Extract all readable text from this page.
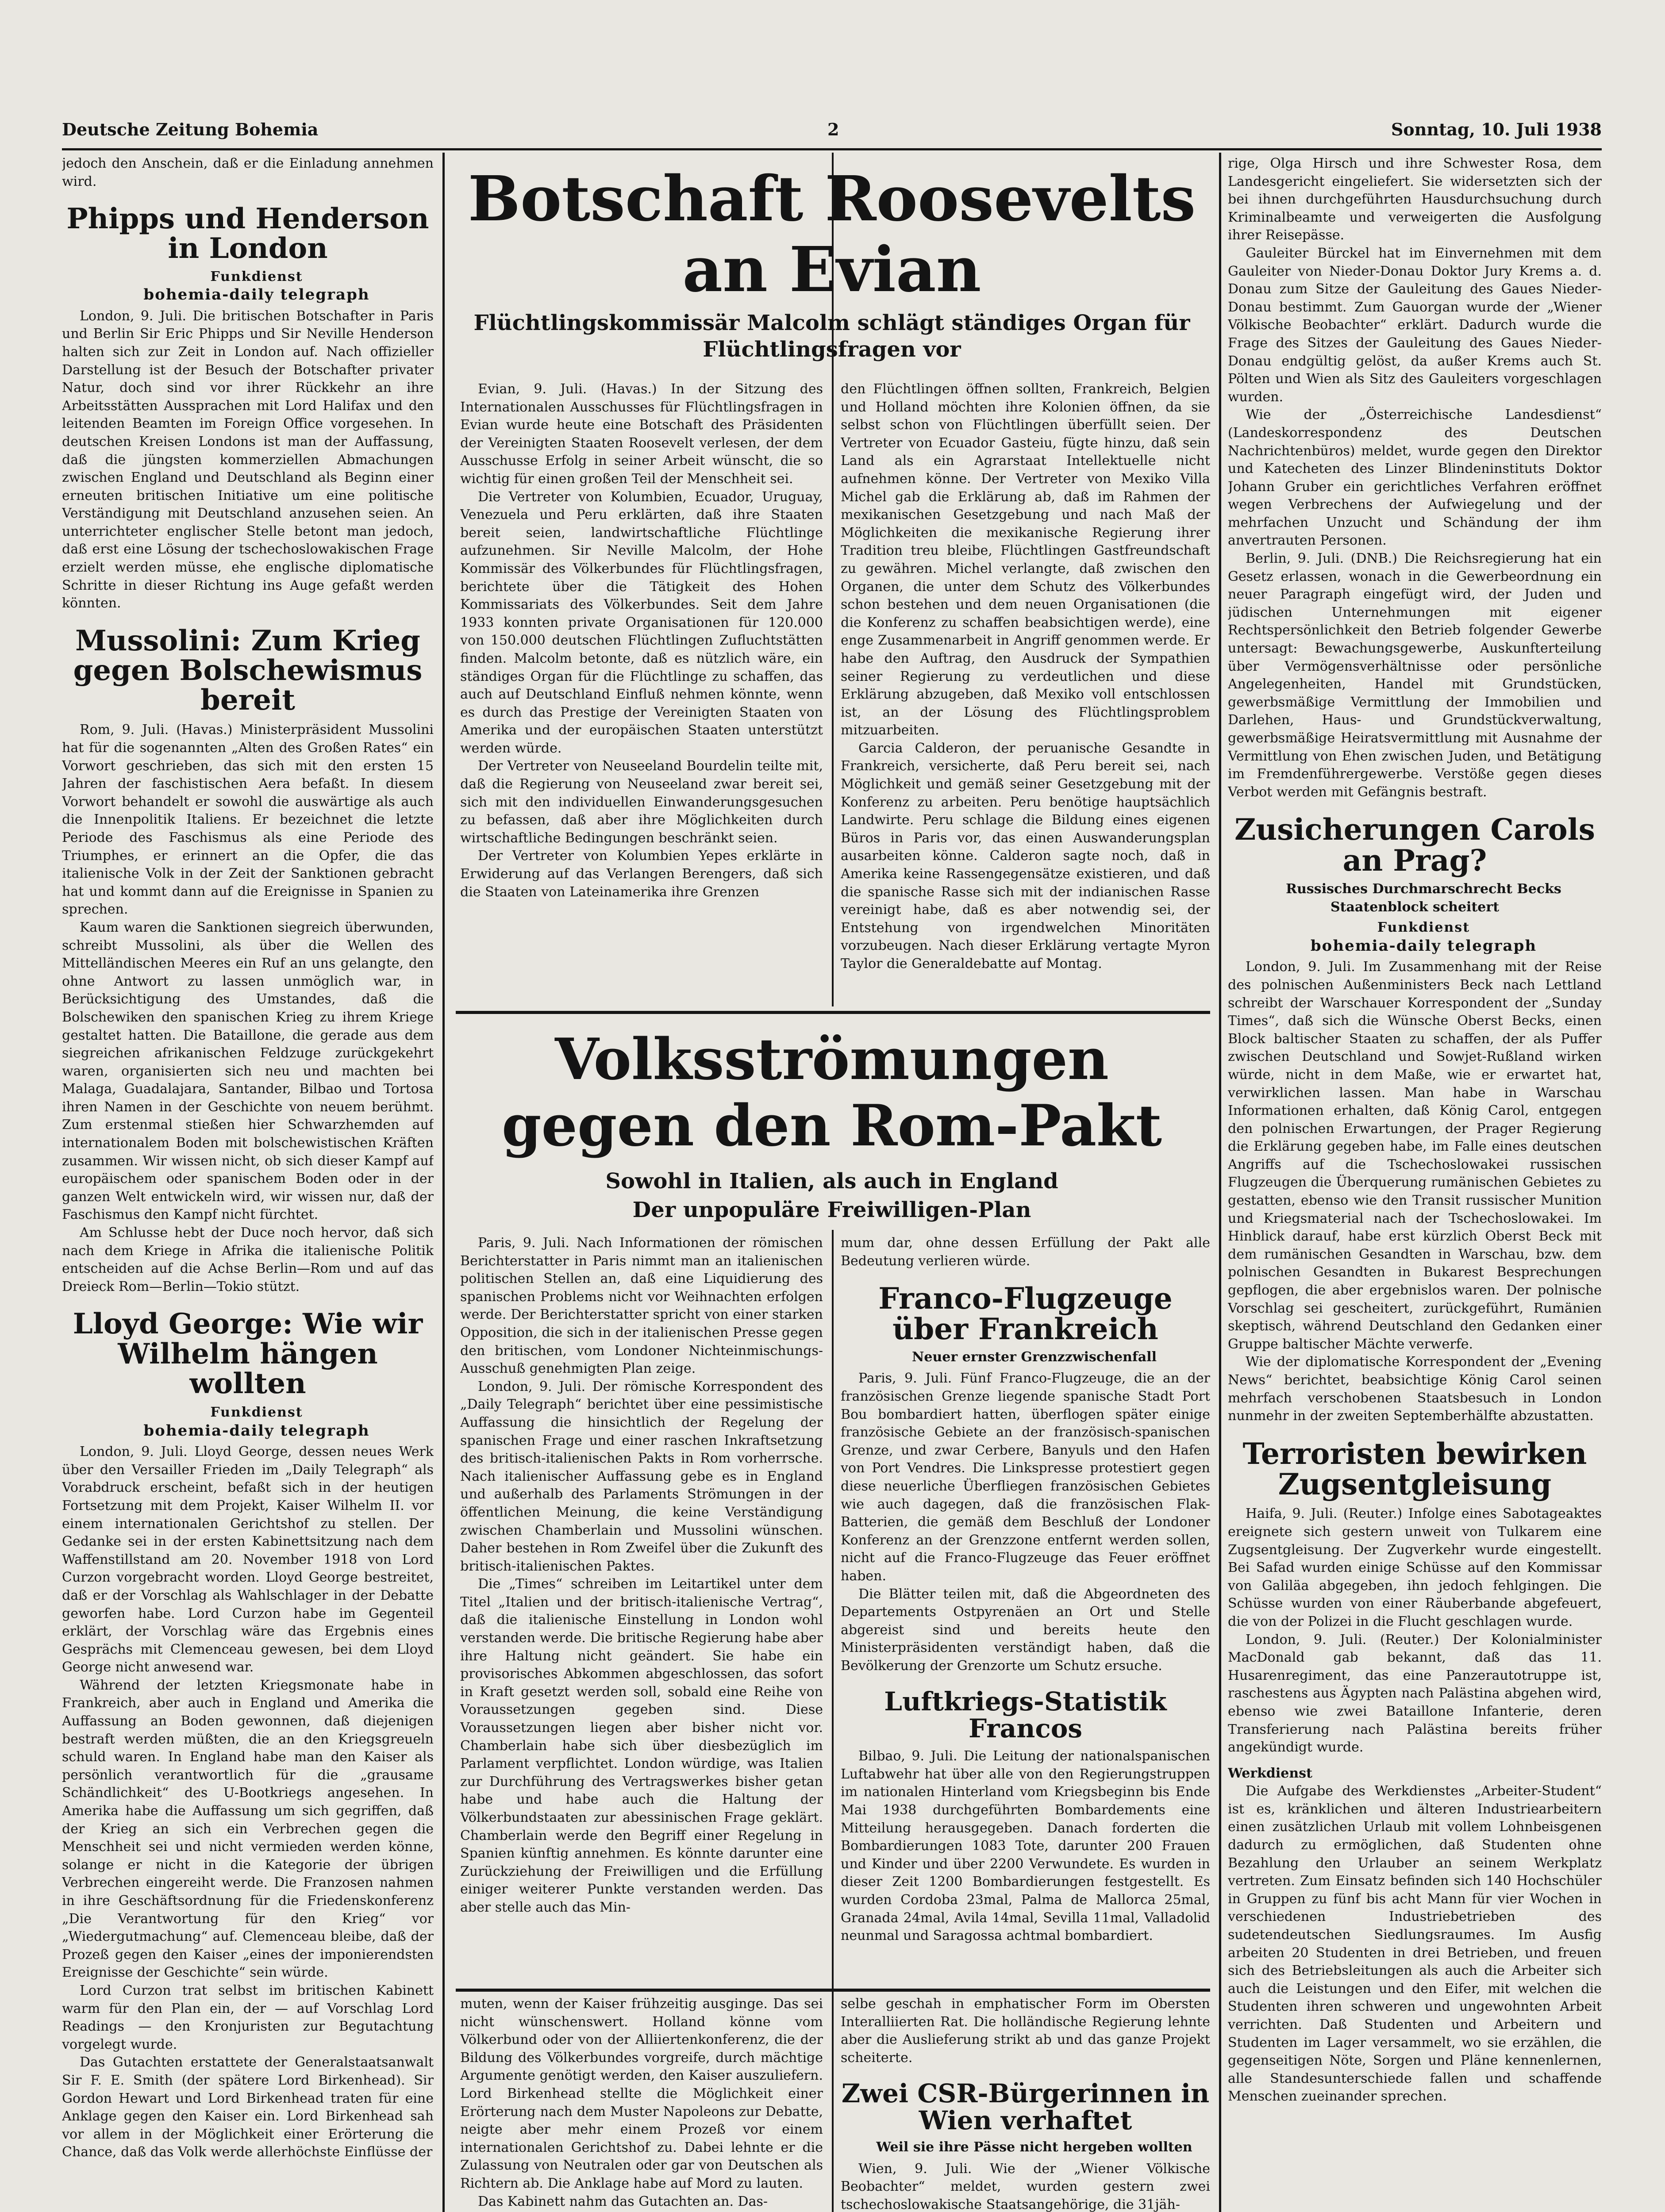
Deutsche Zeitung Bohemia	2	Sonntag, 10. Juli 1938

jedoch den Anschein, daß er die Einladung annehmen wird.

Phipps und Henderson in London

Funkdienst

bohemia-daily telegraph

London, 9. Juli. Die britischen Botschafter in Paris und Berlin Sir Eric Phipps und Sir Neville Henderson halten sich zur Zeit in London auf. Nach offizieller Darstellung ist der Besuch der Botschafter privater Natur, doch sind vor ihrer Rückkehr an ihre Arbeitsstätten Aussprachen mit Lord Halifax und den leitenden Beamten im Foreign Office vorgesehen. In deutschen Kreisen Londons ist man der Auffassung, daß die jüngsten kommerziellen Abmachungen zwischen England und Deutschland als Beginn einer erneuten britischen Initiative um eine politische Verständigung mit Deutschland anzusehen seien. An unterrichteter englischer Stelle betont man jedoch, daß erst eine Lösung der tschechoslowakischen Frage erzielt werden müsse, ehe englische diplomatische Schritte in dieser Richtung ins Auge gefaßt werden könnten.

Mussolini: Zum Krieg gegen Bolschewismus bereit

Rom, 9. Juli. (Havas.) Ministerpräsident Mussolini hat für die sogenannten „Alten des Großen Rates“ ein Vorwort geschrieben, das sich mit den ersten 15 Jahren der faschistischen Aera befaßt. In diesem Vorwort behandelt er sowohl die auswärtige als auch die Innenpolitik Italiens. Er bezeichnet die letzte Periode des Faschismus als eine Periode des Triumphes, er erinnert an die Opfer, die das italienische Volk in der Zeit der Sanktionen gebracht hat und kommt dann auf die Ereignisse in Spanien zu sprechen.

Kaum waren die Sanktionen siegreich überwunden, schreibt Mussolini, als über die Wellen des Mittelländischen Meeres ein Ruf an uns gelangte, den ohne Antwort zu lassen unmöglich war, in Berücksichtigung des Umstandes, daß die Bolschewiken den spanischen Krieg zu ihrem Kriege gestaltet hatten. Die Bataillone, die gerade aus dem siegreichen afrikanischen Feldzuge zurückgekehrt waren, organisierten sich neu und machten bei Malaga, Guadalajara, Santander, Bilbao und Tortosa ihren Namen in der Geschichte von neuem berühmt. Zum erstenmal stießen hier Schwarzhemden auf internationalem Boden mit bolschewistischen Kräften zusammen. Wir wissen nicht, ob sich dieser Kampf auf europäischem oder spanischem Boden oder in der ganzen Welt entwickeln wird, wir wissen nur, daß der Faschismus den Kampf nicht fürchtet.

Am Schlusse hebt der Duce noch hervor, daß sich nach dem Kriege in Afrika die italienische Politik entscheiden auf die Achse Berlin—Rom und auf das Dreieck Rom—Berlin—Tokio stützt.

Lloyd George: Wie wir Wilhelm hängen wollten

Funkdienst

bohemia-daily telegraph

London, 9. Juli. Lloyd George, dessen neues Werk über den Versailler Frieden im „Daily Telegraph“ als Vorabdruck erscheint, befaßt sich in der heutigen Fortsetzung mit dem Projekt, Kaiser Wilhelm II. vor einem internationalen Gerichtshof zu stellen. Der Gedanke sei in der ersten Kabinettsitzung nach dem Waffenstillstand am 20. November 1918 von Lord Curzon vorgebracht worden. Lloyd George bestreitet, daß er der Vorschlag als Wahlschlager in der Debatte geworfen habe. Lord Curzon habe im Gegenteil erklärt, der Vorschlag wäre das Ergebnis eines Gesprächs mit Clemenceau gewesen, bei dem Lloyd George nicht anwesend war.

Während der letzten Kriegsmonate habe in Frankreich, aber auch in England und Amerika die Auffassung an Boden gewonnen, daß diejenigen bestraft werden müßten, die an den Kriegsgreueln schuld waren. In England habe man den Kaiser als persönlich verantwortlich für die „grausame Schändlichkeit“ des U-Bootkriegs angesehen. In Amerika habe die Auffassung um sich gegriffen, daß der Krieg an sich ein Verbrechen gegen die Menschheit sei und nicht vermieden werden könne, solange er nicht in die Kategorie der übrigen Verbrechen eingereiht werde. Die Franzosen nahmen in ihre Geschäftsordnung für die Friedenskonferenz „Die Verantwortung für den Krieg“ vor „Wiedergutmachung“ auf. Clemenceau bleibe, daß der Prozeß gegen den Kaiser „eines der imponierendsten Ereignisse der Geschichte“ sein würde.

Lord Curzon trat selbst im britischen Kabinett warm für den Plan ein, der — auf Vorschlag Lord Readings — den Kronjuristen zur Begutachtung vorgelegt wurde.

Das Gutachten erstattete der Generalstaatsanwalt Sir F. E. Smith (der spätere Lord Birkenhead). Sir Gordon Hewart und Lord Birkenhead traten für eine Anklage gegen den Kaiser ein. Lord Birkenhead sah vor allem in der Möglichkeit einer Erörterung die Chance, daß das Volk werde allerhöchste Einflüsse der

Botschaft Roosevelts an Evian
Flüchtlingskommissär Malcolm schlägt ständiges Organ für Flüchtlingsfragen vor

Evian, 9. Juli. (Havas.) In der Sitzung des Internationalen Ausschusses für Flüchtlingsfragen in Evian wurde heute eine Botschaft des Präsidenten der Vereinigten Staaten Roosevelt verlesen, der dem Ausschusse Erfolg in seiner Arbeit wünscht, die so wichtig für einen großen Teil der Menschheit sei.

Die Vertreter von Kolumbien, Ecuador, Uruguay, Venezuela und Peru erklärten, daß ihre Staaten bereit seien, landwirtschaftliche Flüchtlinge aufzunehmen. Sir Neville Malcolm, der Hohe Kommissär des Völkerbundes für Flüchtlingsfragen, berichtete über die Tätigkeit des Hohen Kommissariats des Völkerbundes. Seit dem Jahre 1933 konnten private Organisationen für 120.000 von 150.000 deutschen Flüchtlingen Zufluchtstätten finden. Malcolm betonte, daß es nützlich wäre, ein ständiges Organ für die Flüchtlinge zu schaffen, das auch auf Deutschland Einfluß nehmen könnte, wenn es durch das Prestige der Vereinigten Staaten von Amerika und der europäischen Staaten unterstützt werden würde.

Der Vertreter von Neuseeland Bourdelin teilte mit, daß die Regierung von Neuseeland zwar bereit sei, sich mit den individuellen Einwanderungsgesuchen zu befassen, daß aber ihre Möglichkeiten durch wirtschaftliche Bedingungen beschränkt seien.

Der Vertreter von Kolumbien Yepes erklärte in Erwiderung auf das Verlangen Berengers, daß sich die Staaten von Lateinamerika ihre Grenzen

den Flüchtlingen öffnen sollten, Frankreich, Belgien und Holland möchten ihre Kolonien öffnen, da sie selbst schon von Flüchtlingen überfüllt seien. Der Vertreter von Ecuador Gasteiu, fügte hinzu, daß sein Land als ein Agrarstaat Intellektuelle nicht aufnehmen könne. Der Vertreter von Mexiko Villa Michel gab die Erklärung ab, daß im Rahmen der mexikanischen Gesetzgebung und nach Maß der Möglichkeiten die mexikanische Regierung ihrer Tradition treu bleibe, Flüchtlingen Gastfreundschaft zu gewähren. Michel verlangte, daß zwischen den Organen, die unter dem Schutz des Völkerbundes schon bestehen und dem neuen Organisationen (die die Konferenz zu schaffen beabsichtigen werde), eine enge Zusammenarbeit in Angriff genommen werde. Er habe den Auftrag, den Ausdruck der Sympathien seiner Regierung zu verdeutlichen und diese Erklärung abzugeben, daß Mexiko voll entschlossen ist, an der Lösung des Flüchtlingsproblem mitzuarbeiten.

Garcia Calderon, der peruanische Gesandte in Frankreich, versicherte, daß Peru bereit sei, nach Möglichkeit und gemäß seiner Gesetzgebung mit der Konferenz zu arbeiten. Peru benötige hauptsächlich Landwirte. Peru schlage die Bildung eines eigenen Büros in Paris vor, das einen Auswanderungsplan ausarbeiten könne. Calderon sagte noch, daß in Amerika keine Rassengegensätze existieren, und daß die spanische Rasse sich mit der indianischen Rasse vereinigt habe, daß es aber notwendig sei, der Entstehung von irgendwelchen Minoritäten vorzubeugen. Nach dieser Erklärung vertagte Myron Taylor die Generaldebatte auf Montag.

Volksströmungen gegen den Rom-Pakt
Sowohl in Italien, als auch in England
Der unpopuläre Freiwilligen-Plan

Paris, 9. Juli. Nach Informationen der römischen Berichterstatter in Paris nimmt man an italienischen politischen Stellen an, daß eine Liquidierung des spanischen Problems nicht vor Weihnachten erfolgen werde. Der Berichterstatter spricht von einer starken Opposition, die sich in der italienischen Presse gegen den britischen, vom Londoner Nichteinmischungs-Ausschuß genehmigten Plan zeige.

London, 9. Juli. Der römische Korrespondent des „Daily Telegraph“ berichtet über eine pessimistische Auffassung die hinsichtlich der Regelung der spanischen Frage und einer raschen Inkraftsetzung des britisch-italienischen Pakts in Rom vorherrsche. Nach italienischer Auffassung gebe es in England und außerhalb des Parlaments Strömungen in der öffentlichen Meinung, die keine Verständigung zwischen Chamberlain und Mussolini wünschen. Daher bestehen in Rom Zweifel über die Zukunft des britisch-italienischen Paktes.

Die „Times“ schreiben im Leitartikel unter dem Titel „Italien und der britisch-italienische Vertrag“, daß die italienische Einstellung in London wohl verstanden werde. Die britische Regierung habe aber ihre Haltung nicht geändert. Sie habe ein provisorisches Abkommen abgeschlossen, das sofort in Kraft gesetzt werden soll, sobald eine Reihe von Voraussetzungen gegeben sind. Diese Voraussetzungen liegen aber bisher nicht vor. Chamberlain habe sich über diesbezüglich im Parlament verpflichtet. London würdige, was Italien zur Durchführung des Vertragswerkes bisher getan habe und habe auch die Haltung der Völkerbundstaaten zur abessinischen Frage geklärt. Chamberlain werde den Begriff einer Regelung in Spanien künftig annehmen. Es könnte darunter eine Zurückziehung der Freiwilligen und die Erfüllung einiger weiterer Punkte verstanden werden. Das aber stelle auch das Min-

mum dar, ohne dessen Erfüllung der Pakt alle Bedeutung verlieren würde.

Franco-Flugzeuge über Frankreich

Neuer ernster Grenzzwischenfall

Paris, 9. Juli. Fünf Franco-Flugzeuge, die an der französischen Grenze liegende spanische Stadt Port Bou bombardiert hatten, überflogen später einige französische Gebiete an der französisch-spanischen Grenze, und zwar Cerbere, Banyuls und den Hafen von Port Vendres. Die Linkspresse protestiert gegen diese neuerliche Überfliegen französischen Gebietes wie auch dagegen, daß die französischen Flak-Batterien, die gemäß dem Beschluß der Londoner Konferenz an der Grenzzone entfernt werden sollen, nicht auf die Franco-Flugzeuge das Feuer eröffnet haben.

Die Blätter teilen mit, daß die Abgeordneten des Departements Ostpyrenäen an Ort und Stelle abgereist sind und bereits heute den Ministerpräsidenten verständigt haben, daß die Bevölkerung der Grenzorte um Schutz ersuche.

Luftkriegs-Statistik Francos

Bilbao, 9. Juli. Die Leitung der nationalspanischen Luftabwehr hat über alle von den Regierungstruppen im nationalen Hinterland vom Kriegsbeginn bis Ende Mai 1938 durchgeführten Bombardements eine Mitteilung herausgegeben. Danach forderten die Bombardierungen 1083 Tote, darunter 200 Frauen und Kinder und über 2200 Verwundete. Es wurden in dieser Zeit 1200 Bombardierungen festgestellt. Es wurden Cordoba 23mal, Palma de Mallorca 25mal, Granada 24mal, Avila 14mal, Sevilla 11mal, Valladolid neunmal und Saragossa achtmal bombardiert.

muten, wenn der Kaiser frühzeitig ausginge. Das sei nicht wünschenswert. Holland könne vom Völkerbund oder von der Alliiertenkonferenz, die der Bildung des Völkerbundes vorgreife, durch mächtige Argumente genötigt werden, den Kaiser auszuliefern. Lord Birkenhead stellte die Möglichkeit einer Erörterung nach dem Muster Napoleons zur Debatte, neigte aber mehr einem Prozeß vor einem internationalen Gerichtshof zu. Dabei lehnte er die Zulassung von Neutralen oder gar von Deutschen als Richtern ab. Die Anklage habe auf Mord zu lauten.

Das Kabinett nahm das Gutachten an. Das-

selbe geschah in emphatischer Form im Obersten Interalliierten Rat. Die holländische Regierung lehnte aber die Auslieferung strikt ab und das ganze Projekt scheiterte.

Zwei CSR-Bürgerinnen in Wien verhaftet

Weil sie ihre Pässe nicht hergeben wollten

Wien, 9. Juli. Wie der „Wiener Völkische Beobachter“ meldet, wurden gestern zwei tschechoslowakische Staatsangehörige, die 31jäh-

rige, Olga Hirsch und ihre Schwester Rosa, dem Landesgericht eingeliefert. Sie widersetzten sich der bei ihnen durchgeführten Hausdurchsuchung durch Kriminalbeamte und verweigerten die Ausfolgung ihrer Reisepässe.

Gauleiter Bürckel hat im Einvernehmen mit dem Gauleiter von Nieder-Donau Doktor Jury Krems a. d. Donau zum Sitze der Gauleitung des Gaues Nieder-Donau bestimmt. Zum Gauorgan wurde der „Wiener Völkische Beobachter“ erklärt. Dadurch wurde die Frage des Sitzes der Gauleitung des Gaues Nieder-Donau endgültig gelöst, da außer Krems auch St. Pölten und Wien als Sitz des Gauleiters vorgeschlagen wurden.

Wie der „Österreichische Landesdienst“ (Landeskorrespondenz des Deutschen Nachrichtenbüros) meldet, wurde gegen den Direktor und Katecheten des Linzer Blindeninstituts Doktor Johann Gruber ein gerichtliches Verfahren eröffnet wegen Verbrechens der Aufwiegelung und der mehrfachen Unzucht und Schändung der ihm anvertrauten Personen.

Berlin, 9. Juli. (DNB.) Die Reichsregierung hat ein Gesetz erlassen, wonach in die Gewerbeordnung ein neuer Paragraph eingefügt wird, der Juden und jüdischen Unternehmungen mit eigener Rechtspersönlichkeit den Betrieb folgender Gewerbe untersagt: Bewachungsgewerbe, Auskunfterteilung über Vermögensverhältnisse oder persönliche Angelegenheiten, Handel mit Grundstücken, gewerbsmäßige Vermittlung der Immobilien und Darlehen, Haus- und Grundstückverwaltung, gewerbsmäßige Heiratsvermittlung mit Ausnahme der Vermittlung von Ehen zwischen Juden, und Betätigung im Fremdenführergewerbe. Verstöße gegen dieses Verbot werden mit Gefängnis bestraft.

Zusicherungen Carols an Prag?

Russisches Durchmarschrecht Becks Staatenblock scheitert

Funkdienst

bohemia-daily telegraph

London, 9. Juli. Im Zusammenhang mit der Reise des polnischen Außenministers Beck nach Lettland schreibt der Warschauer Korrespondent der „Sunday Times“, daß sich die Wünsche Oberst Becks, einen Block baltischer Staaten zu schaffen, der als Puffer zwischen Deutschland und Sowjet-Rußland wirken würde, nicht in dem Maße, wie er erwartet hat, verwirklichen lassen. Man habe in Warschau Informationen erhalten, daß König Carol, entgegen den polnischen Erwartungen, der Prager Regierung die Erklärung gegeben habe, im Falle eines deutschen Angriffs auf die Tschechoslowakei russischen Flugzeugen die Überquerung rumänischen Gebietes zu gestatten, ebenso wie den Transit russischer Munition und Kriegsmaterial nach der Tschechoslowakei. Im Hinblick darauf, habe erst kürzlich Oberst Beck mit dem rumänischen Gesandten in Warschau, bzw. dem polnischen Gesandten in Bukarest Besprechungen gepflogen, die aber ergebnislos waren. Der polnische Vorschlag sei gescheitert, zurückgeführt, Rumänien skeptisch, während Deutschland den Gedanken einer Gruppe baltischer Mächte verwerfe.

Wie der diplomatische Korrespondent der „Evening News“ berichtet, beabsichtige König Carol seinen mehrfach verschobenen Staatsbesuch in London nunmehr in der zweiten Septemberhälfte abzustatten.

Terroristen bewirken Zugsentgleisung

Haifa, 9. Juli. (Reuter.) Infolge eines Sabotageaktes ereignete sich gestern unweit von Tulkarem eine Zugsentgleisung. Der Zugverkehr wurde eingestellt. Bei Safad wurden einige Schüsse auf den Kommissar von Galiläa abgegeben, ihn jedoch fehlgingen. Die Schüsse wurden von einer Räuberbande abgefeuert, die von der Polizei in die Flucht geschlagen wurde.

London, 9. Juli. (Reuter.) Der Kolonialminister MacDonald gab bekannt, daß das 11. Husarenregiment, das eine Panzerautotruppe ist, raschestens aus Ägypten nach Palästina abgehen wird, ebenso wie zwei Bataillone Infanterie, deren Transferierung nach Palästina bereits früher angekündigt wurde.

Werkdienst

Die Aufgabe des Werkdienstes „Arbeiter-Student“ ist es, kränklichen und älteren Industriearbeitern einen zusätzlichen Urlaub mit vollem Lohnbeisgenen dadurch zu ermöglichen, daß Studenten ohne Bezahlung den Urlauber an seinem Werkplatz vertreten. Zum Einsatz befinden sich 140 Hochschüler in Gruppen zu fünf bis acht Mann für vier Wochen in verschiedenen Industriebetrieben des sudetendeutschen Siedlungsraumes. Im Ausfig arbeiten 20 Studenten in drei Betrieben, und freuen sich des Betriebsleitungen als auch die Arbeiter sich auch die Leistungen und den Eifer, mit welchen die Studenten ihren schweren und ungewohnten Arbeit verrichten. Daß Studenten und Arbeitern und Studenten im Lager versammelt, wo sie erzählen, die gegenseitigen Nöte, Sorgen und Pläne kennenlernen, alle Standesunterschiede fallen und schaffende Menschen zueinander sprechen.
